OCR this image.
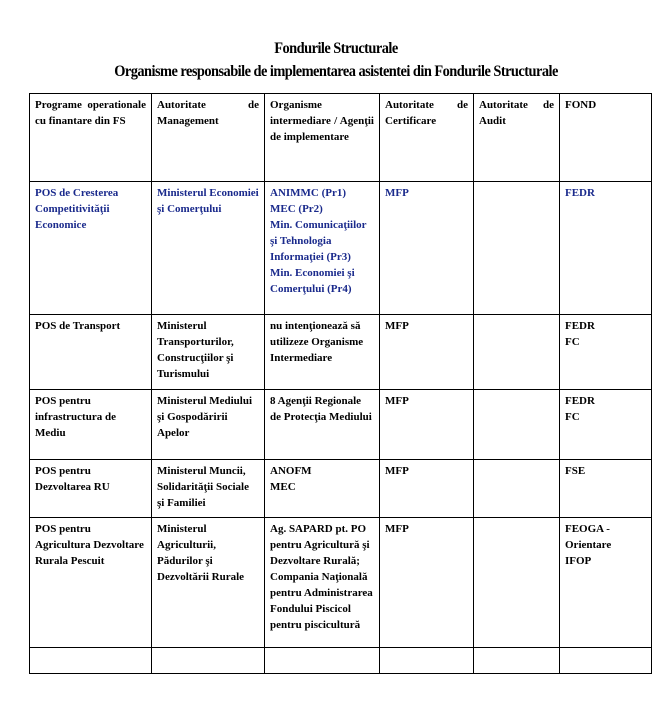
Fondurile Structurale
Organisme responsabile de implementarea asistentei din Fondurile Structurale
Programe operationale cu finantare din FS	Autoritate de Management	Organisme intermediare / Agenţii de implementare	Autoritate de Certificare	Autoritate de Audit	FOND
POS de Cresterea Competitivităţii Economice	Ministerul Economiei şi Comerţului	ANIMMC (Pr1)
MEC (Pr2)
Min. Comunicaţiilor şi Tehnologia Informaţiei (Pr3)
Min. Economiei şi Comerţului (Pr4)	MFP		FEDR

POS de Transport	Ministerul Transporturilor, Construcţiilor şi Turismului	nu intenţionează să utilizeze Organisme Intermediare	MFP		FEDR
FC

POS pentru infrastructura de Mediu	Ministerul Mediului şi Gospodăririi Apelor	8 Agenţii Regionale de Protecţia Mediului	MFP		FEDR
FC

POS pentru Dezvoltarea RU	Ministerul Muncii, Solidarităţii Sociale şi Familiei	ANOFM
MEC	MFP		FSE

POS pentru Agricultura Dezvoltare Rurala Pescuit	Ministerul Agriculturii, Pădurilor şi Dezvoltării Rurale	Ag. SAPARD pt. PO pentru Agricultură şi Dezvoltare Rurală;
Compania Naţională pentru Administrarea Fondului Piscicol pentru piscicultură	MFP		FEOGA - Orientare
IFOP
